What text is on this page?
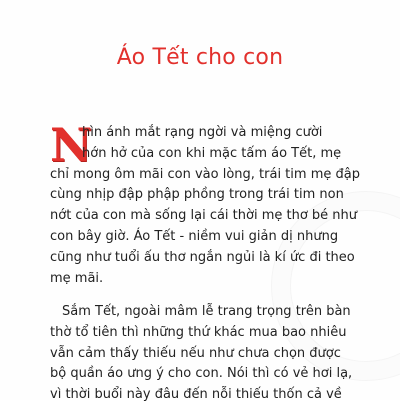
Áo Tết cho con
N

hìn ánh mắt rạng ngời và miệng cười
hớn hở của con khi mặc tấm áo Tết, mẹ
chỉ mong ôm mãi con vào lòng, trái tim mẹ đập
cùng nhịp đập phập phồng trong trái tim non
nớt của con mà sống lại cái thời mẹ thơ bé như
con bây giờ. Áo Tết - niềm vui giản dị nhưng
cũng như tuổi ấu thơ ngắn ngủi là kí ức đi theo
mẹ mãi.

Sắm Tết, ngoài mâm lễ trang trọng trên bàn
thờ tổ tiên thì những thứ khác mua bao nhiêu
vẫn cảm thấy thiếu nếu như chưa chọn được
bộ quần áo ưng ý cho con. Nói thì có vẻ hơi lạ,
vì thời buổi này đâu đến nỗi thiếu thốn cả về
